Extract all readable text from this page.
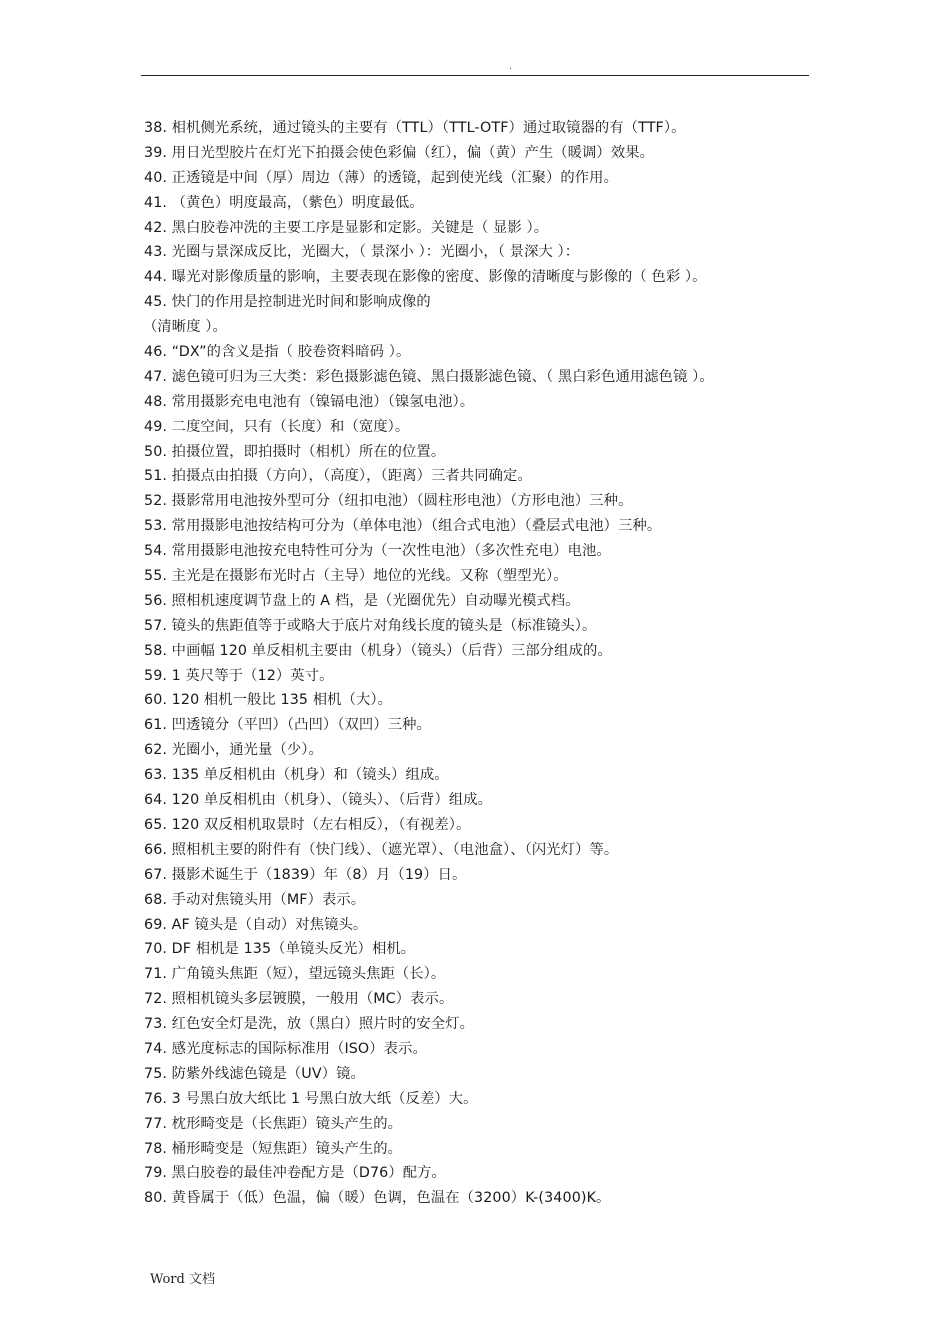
.
38. 相机侧光系统，通过镜头的主要有（TTL）（TTL-OTF）通过取镜器的有（TTF）。
39. 用日光型胶片在灯光下拍摄会使色彩偏（红），偏（黄）产生（暖调）效果。
40. 正透镜是中间（厚）周边（薄）的透镜，起到使光线（汇聚）的作用。
41. （黄色）明度最高，（紫色）明度最低。
42. 黑白胶卷冲洗的主要工序是显影和定影。关键是（ 显影 ）。
43. 光圈与景深成反比，光圈大，（ 景深小 ）：光圈小，（ 景深大 ）：
44. 曝光对影像质量的影响，主要表现在影像的密度、影像的清晰度与影像的（ 色彩 ）。
45. 快门的作用是控制进光时间和影响成像的
（清晰度 ）。
46. “DX”的含义是指（ 胶卷资料暗码 ）。
47. 滤色镜可归为三大类：彩色摄影滤色镜、黑白摄影滤色镜、（ 黑白彩色通用滤色镜 ）。
48. 常用摄影充电电池有（镍镉电池）（镍氢电池）。
49. 二度空间，只有（长度）和（宽度）。
50. 拍摄位置，即拍摄时（相机）所在的位置。
51. 拍摄点由拍摄（方向），（高度），（距离）三者共同确定。
52. 摄影常用电池按外型可分（纽扣电池）（圆柱形电池）（方形电池）三种。
53. 常用摄影电池按结构可分为（单体电池）（组合式电池）（叠层式电池）三种。
54. 常用摄影电池按充电特性可分为（一次性电池）（多次性充电）电池。
55. 主光是在摄影布光时占（主导）地位的光线。又称（塑型光）。
56. 照相机速度调节盘上的 A 档，是（光圈优先）自动曝光模式档。
57. 镜头的焦距值等于或略大于底片对角线长度的镜头是（标准镜头）。
58. 中画幅 120 单反相机主要由（机身）（镜头）（后背）三部分组成的。
59. 1 英尺等于（12）英寸。
60. 120 相机一般比 135 相机（大）。
61. 凹透镜分（平凹）（凸凹）（双凹）三种。
62. 光圈小，通光量（少）。
63. 135 单反相机由（机身）和（镜头）组成。
64. 120 单反相机由（机身）、（镜头）、（后背）组成。
65. 120 双反相机取景时（左右相反），（有视差）。
66. 照相机主要的附件有（快门线）、（遮光罩）、（电池盒）、（闪光灯）等。
67. 摄影术诞生于（1839）年（8）月（19）日。
68. 手动对焦镜头用（MF）表示。
69. AF 镜头是（自动）对焦镜头。
70. DF 相机是 135（单镜头反光）相机。
71. 广角镜头焦距（短），望远镜头焦距（长）。
72. 照相机镜头多层镀膜，一般用（MC）表示。
73. 红色安全灯是洗，放（黑白）照片时的安全灯。
74. 感光度标志的国际标准用（ISO）表示。
75. 防紫外线滤色镜是（UV）镜。
76. 3 号黑白放大纸比 1 号黑白放大纸（反差）大。
77. 枕形畸变是（长焦距）镜头产生的。
78. 桶形畸变是（短焦距）镜头产生的。
79. 黑白胶卷的最佳冲卷配方是（D76）配方。
80. 黄昏属于（低）色温，偏（暖）色调，色温在（3200）K-(3400)K。
Word 文档
